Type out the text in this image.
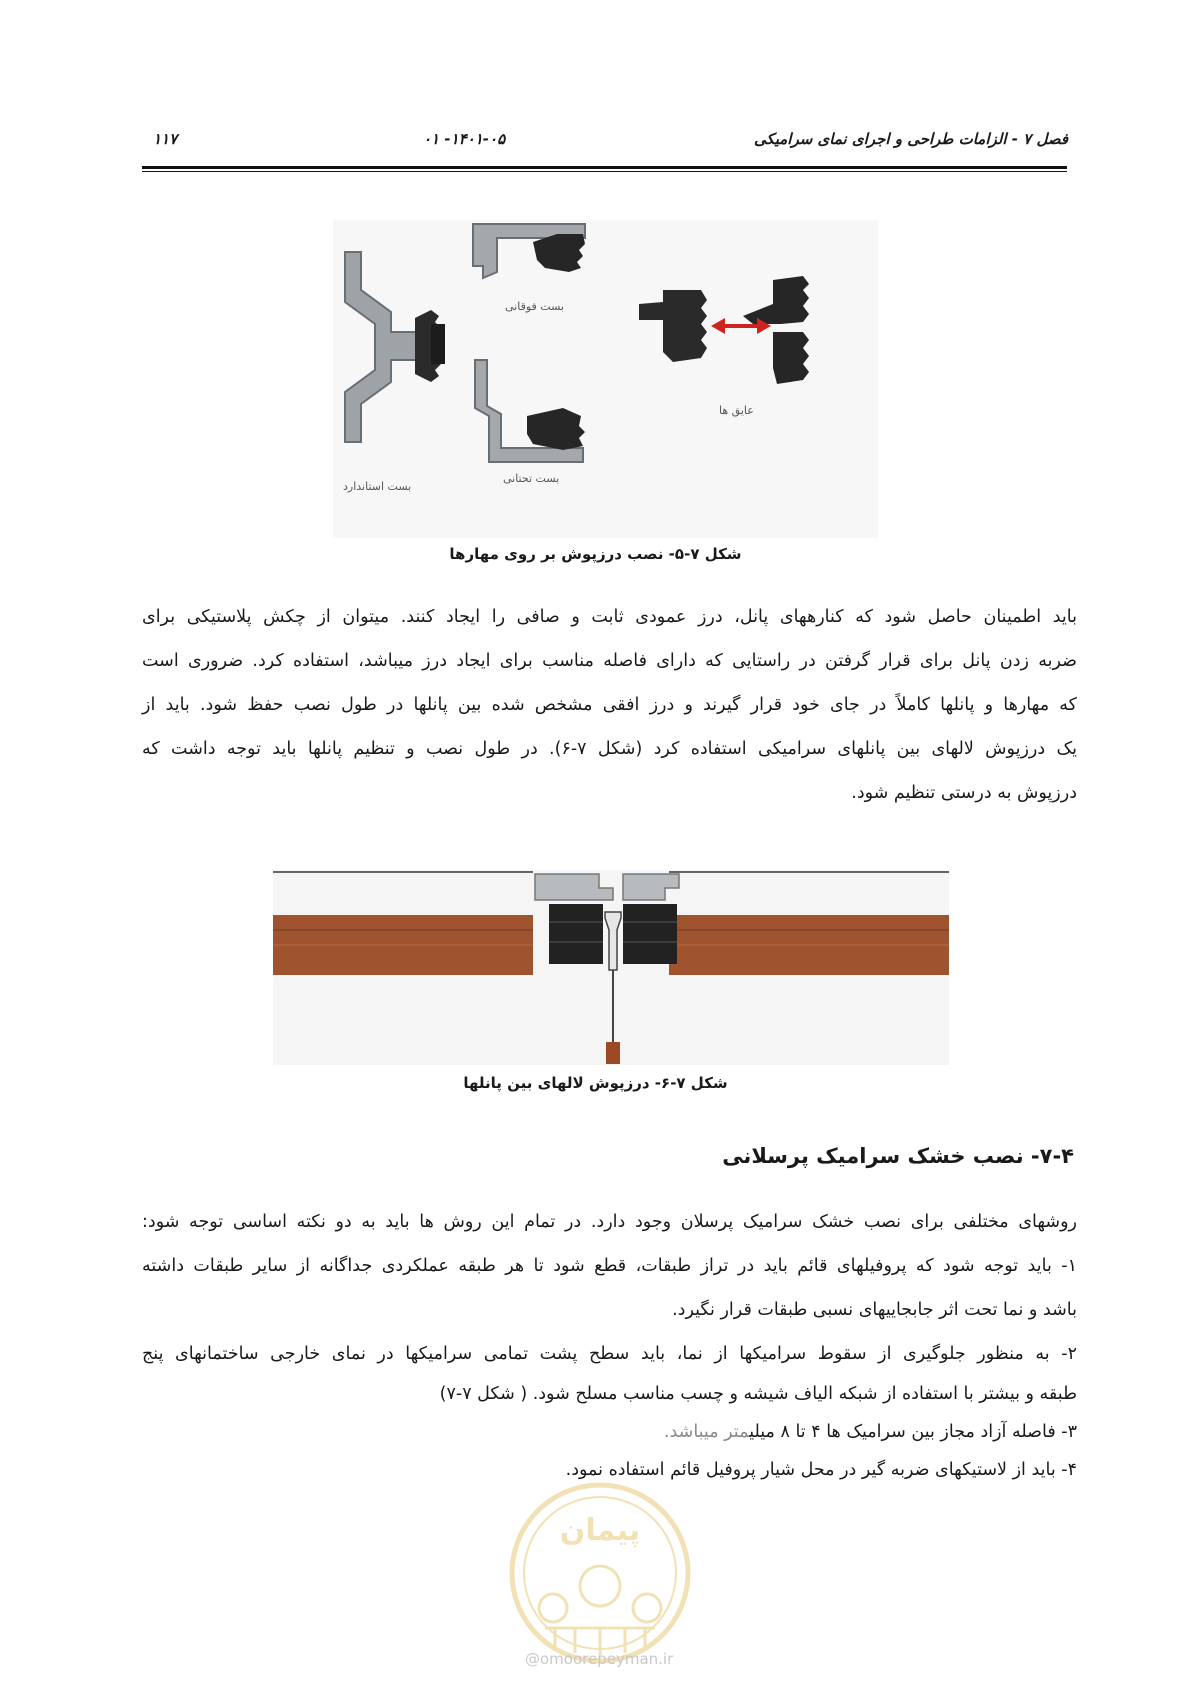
فصل ۷ - الزامات طراحی و اجرای نمای سرامیکی
۱۴۰۱-۰۵- ۰۱
۱۱۷
بست استاندارد
بست فوقانی
بست تحتانی
عایق ها
شکل ۷-۵- نصب درزپوش بر روی مهارها
باید اطمینان حاصل شود که کنارههای پانل، درز عمودی ثابت و صافی را ایجاد کنند. میتوان از چکش پلاستیکی برای
ضربه زدن پانل برای قرار گرفتن در راستایی که دارای فاصله مناسب برای ایجاد درز میباشد، استفاده کرد. ضروری است
که مهارها و پانلها کاملاً در جای خود قرار گیرند و درز افقی مشخص شده بین پانلها در طول نصب حفظ شود. باید از
یک درزپوش لالهای بین پانلهای سرامیکی استفاده کرد (شکل ۷-۶). در طول نصب و تنظیم پانلها باید توجه داشت که
درزپوش به درستی تنظیم شود.
شکل ۷-۶- درزپوش لالهای بین پانلها
۷-۴- نصب خشک سرامیک پرسلانی
روشهای مختلفی برای نصب خشک سرامیک پرسلان وجود دارد. در تمام این روش ها باید به دو نکته اساسی توجه شود:
۱- باید توجه شود که پروفیلهای قائم باید در تراز طبقات، قطع شود تا هر طبقه عملکردی جداگانه از سایر طبقات داشته
باشد و نما تحت اثر جابجاییهای نسبی طبقات قرار نگیرد.
۲- به منظور جلوگیری از سقوط سرامیکها از نما، باید سطح پشت تمامی سرامیکها در نمای خارجی ساختمانهای پنج
طبقه و بیشتر با استفاده از شبکه الیاف شیشه و چسب مناسب مسلح شود. ( شکل ۷-۷)
۳- فاصله آزاد مجاز بین سرامیک ها ۴ تا ۸ میلیمتر میباشد.
۴- باید از لاستیکهای ضربه گیر در محل شیار پروفیل قائم استفاده نمود.
پیمان
@omoorepeyman.ir
